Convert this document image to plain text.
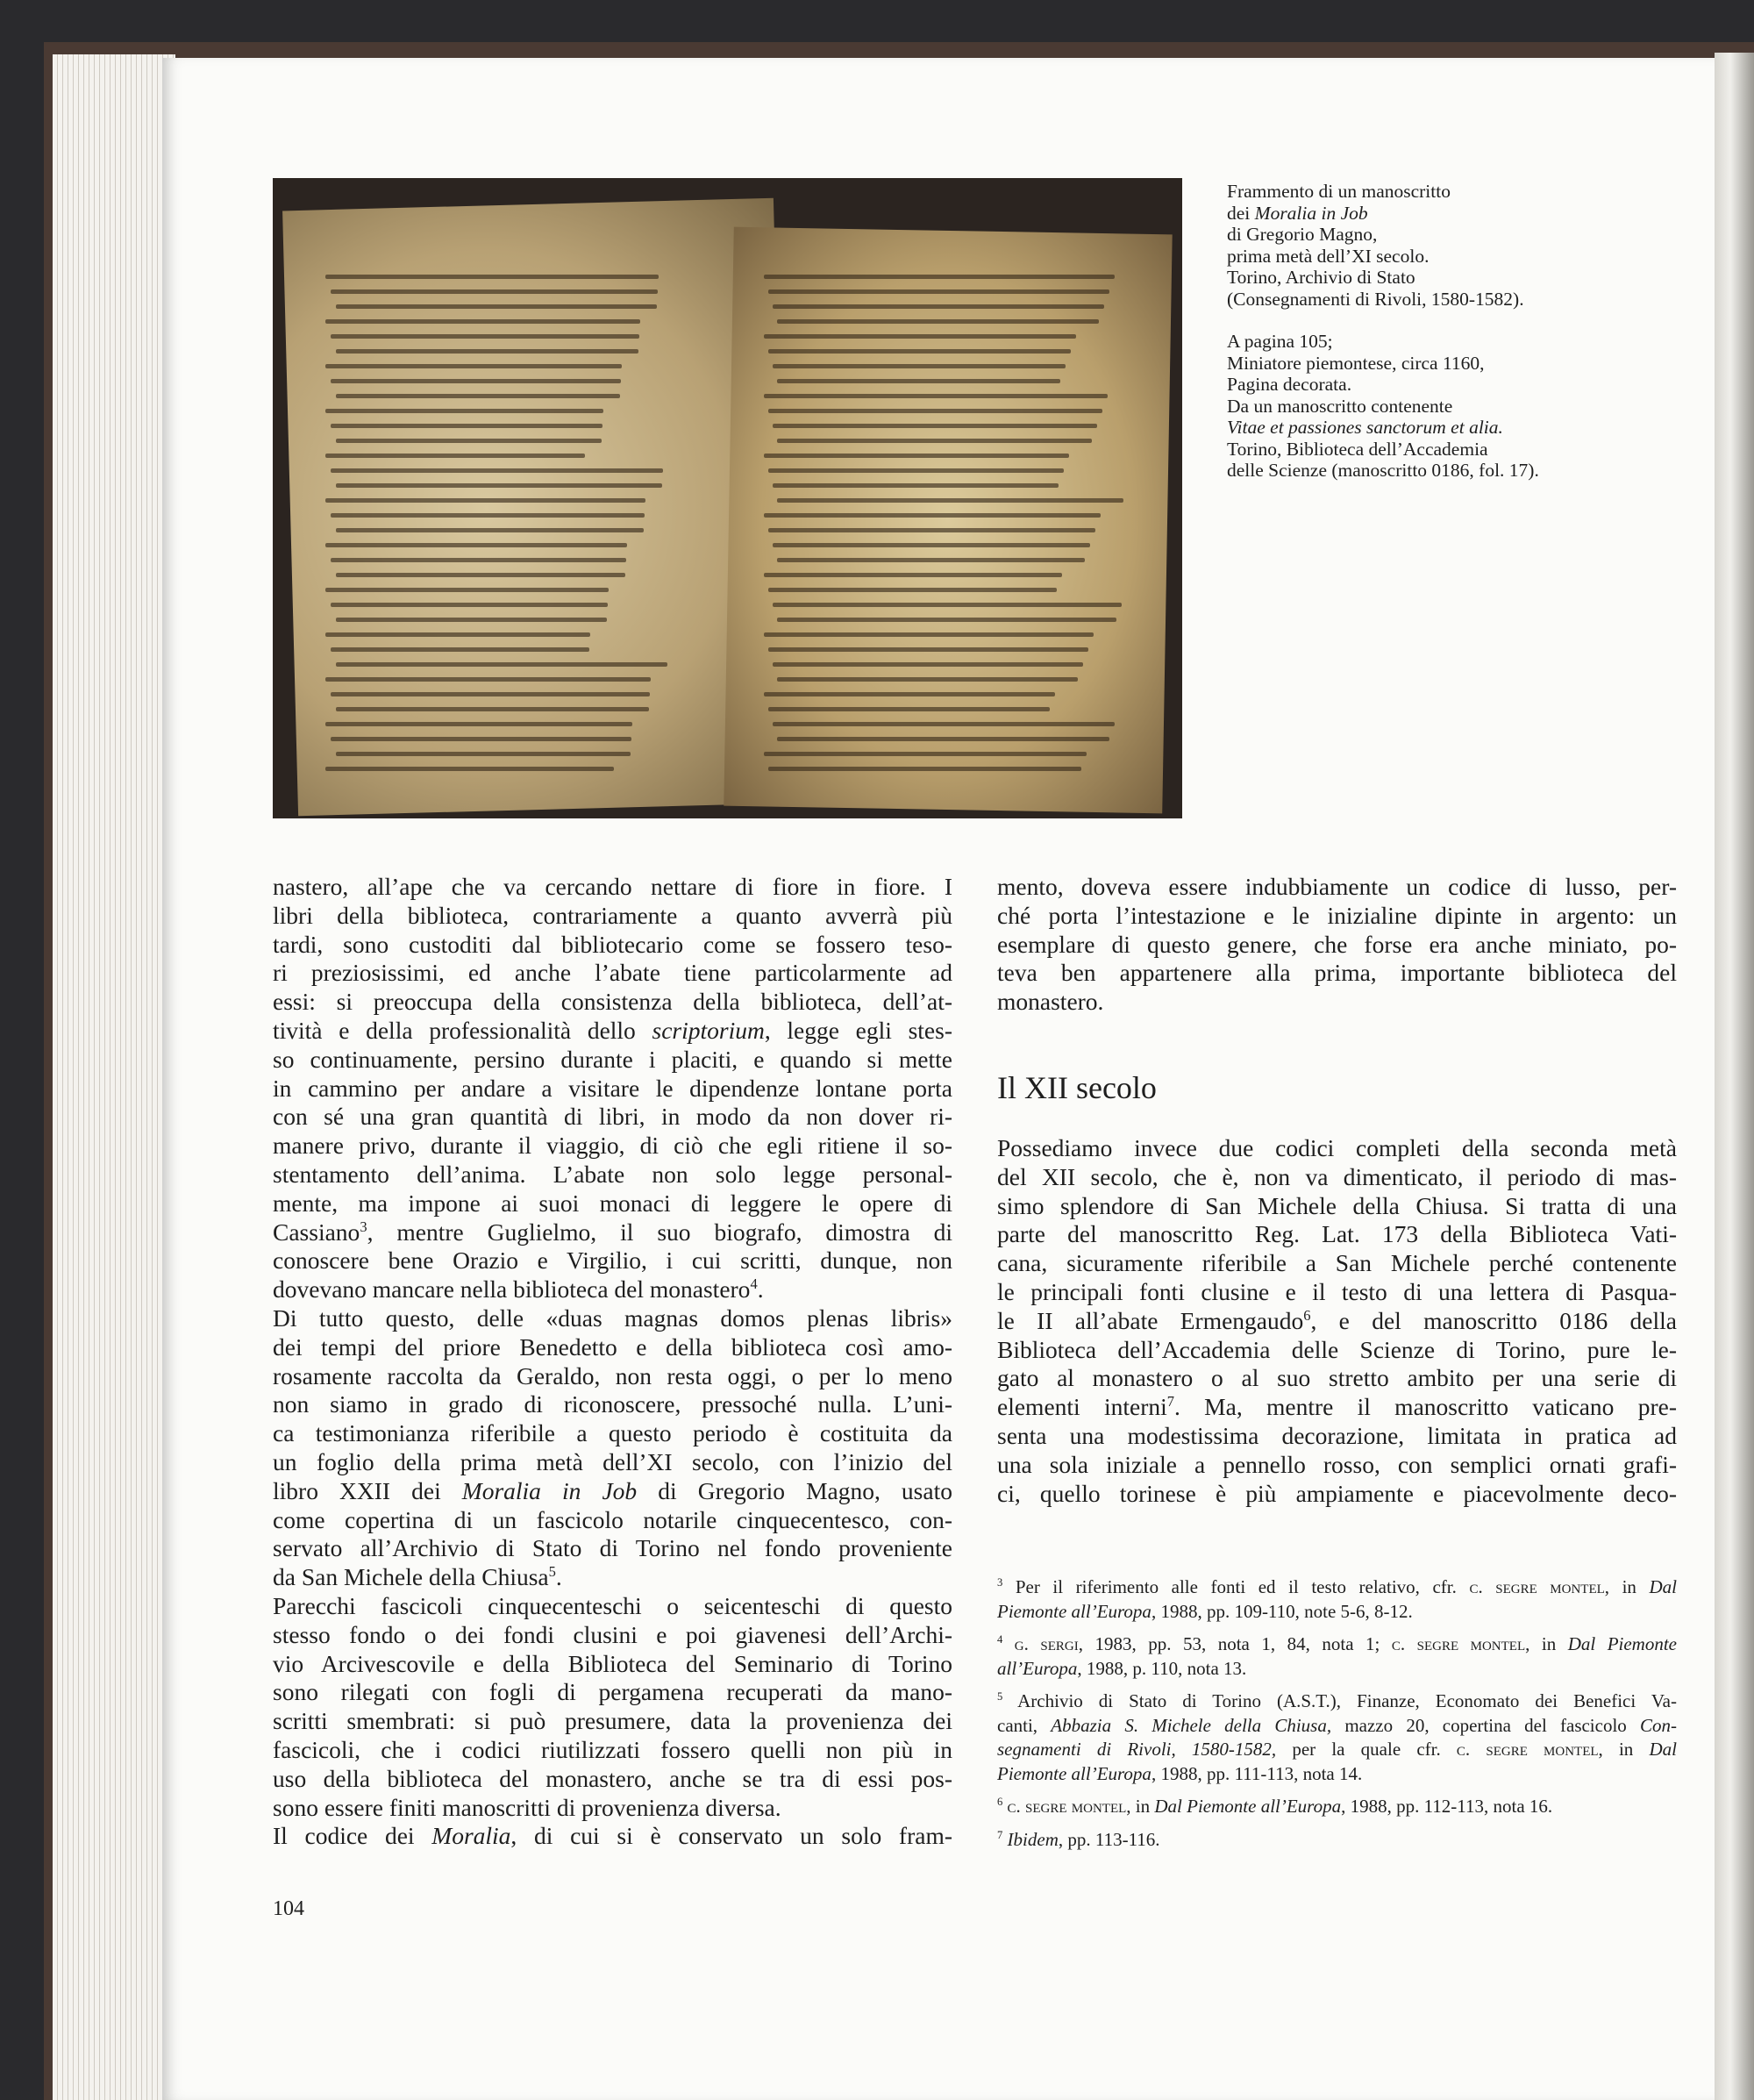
Frammento di un manoscritto
dei Moralia in Job
di Gregorio Magno,
prima metà dell’XI secolo.
Torino, Archivio di Stato
(Consegnamenti di Rivoli, 1580-1582).
A pagina 105;
Miniatore piemontese, circa 1160,
Pagina decorata.
Da un manoscritto contenente
Vitae et passiones sanctorum et alia.
Torino, Biblioteca dell’Accademia
delle Scienze (manoscritto 0186, fol. 17).
nastero, all’ape che va cercando nettare di fiore in fiore. I
libri della biblioteca, contrariamente a quanto avverrà più
tardi, sono custoditi dal bibliotecario come se fossero teso-
ri preziosissimi, ed anche l’abate tiene particolarmente ad
essi: si preoccupa della consistenza della biblioteca, dell’at-
tività e della professionalità dello scriptorium, legge egli stes-
so continuamente, persino durante i placiti, e quando si mette
in cammino per andare a visitare le dipendenze lontane porta
con sé una gran quantità di libri, in modo da non dover ri-
manere privo, durante il viaggio, di ciò che egli ritiene il so-
stentamento dell’anima. L’abate non solo legge personal-
mente, ma impone ai suoi monaci di leggere le opere di
Cassiano$^3$, mentre Guglielmo, il suo biografo, dimostra di
conoscere bene Orazio e Virgilio, i cui scritti, dunque, non
dovevano mancare nella biblioteca del monastero$^4$.
Di tutto questo, delle «duas magnas domos plenas libris»
dei tempi del priore Benedetto e della biblioteca così amo-
rosamente raccolta da Geraldo, non resta oggi, o per lo meno
non siamo in grado di riconoscere, pressoché nulla. L’uni-
ca testimonianza riferibile a questo periodo è costituita da
un foglio della prima metà dell’XI secolo, con l’inizio del
libro XXII dei Moralia in Job di Gregorio Magno, usato
come copertina di un fascicolo notarile cinquecentesco, con-
servato all’Archivio di Stato di Torino nel fondo proveniente
da San Michele della Chiusa$^5$.
Parecchi fascicoli cinquecenteschi o seicenteschi di questo
stesso fondo o dei fondi clusini e poi giavenesi dell’Archi-
vio Arcivescovile e della Biblioteca del Seminario di Torino
sono rilegati con fogli di pergamena recuperati da mano-
scritti smembrati: si può presumere, data la provenienza dei
fascicoli, che i codici riutilizzati fossero quelli non più in
uso della biblioteca del monastero, anche se tra di essi pos-
sono essere finiti manoscritti di provenienza diversa.
Il codice dei Moralia, di cui si è conservato un solo fram-
mento, doveva essere indubbiamente un codice di lusso, per-
ché porta l’intestazione e le inizialine dipinte in argento: un
esemplare di questo genere, che forse era anche miniato, po-
teva ben appartenere alla prima, importante biblioteca del
monastero.
Il XII secolo
Possediamo invece due codici completi della seconda metà
del XII secolo, che è, non va dimenticato, il periodo di mas-
simo splendore di San Michele della Chiusa. Si tratta di una
parte del manoscritto Reg. Lat. 173 della Biblioteca Vati-
cana, sicuramente riferibile a San Michele perché contenente
le principali fonti clusine e il testo di una lettera di Pasqua-
le II all’abate Ermengaudo$^6$, e del manoscritto 0186 della
Biblioteca dell’Accademia delle Scienze di Torino, pure le-
gato al monastero o al suo stretto ambito per una serie di
elementi interni$^7$. Ma, mentre il manoscritto vaticano pre-
senta una modestissima decorazione, limitata in pratica ad
una sola iniziale a pennello rosso, con semplici ornati grafi-
ci, quello torinese è più ampiamente e piacevolmente deco-
$^3$ Per il riferimento alle fonti ed il testo relativo, cfr. c. segre montel, in Dal
Piemonte all’Europa, 1988, pp. 109-110, note 5-6, 8-12.
$^4$ g. sergi, 1983, pp. 53, nota 1, 84, nota 1; c. segre montel, in Dal Piemonte
all’Europa, 1988, p. 110, nota 13.
$^5$ Archivio di Stato di Torino (A.S.T.), Finanze, Economato dei Benefici Va-
canti, Abbazia S. Michele della Chiusa, mazzo 20, copertina del fascicolo Con-
segnamenti di Rivoli, 1580-1582, per la quale cfr. c. segre montel, in Dal
Piemonte all’Europa, 1988, pp. 111-113, nota 14.
$^6$ c. segre montel, in Dal Piemonte all’Europa, 1988, pp. 112-113, nota 16.
$^7$ Ibidem, pp. 113-116.
104
